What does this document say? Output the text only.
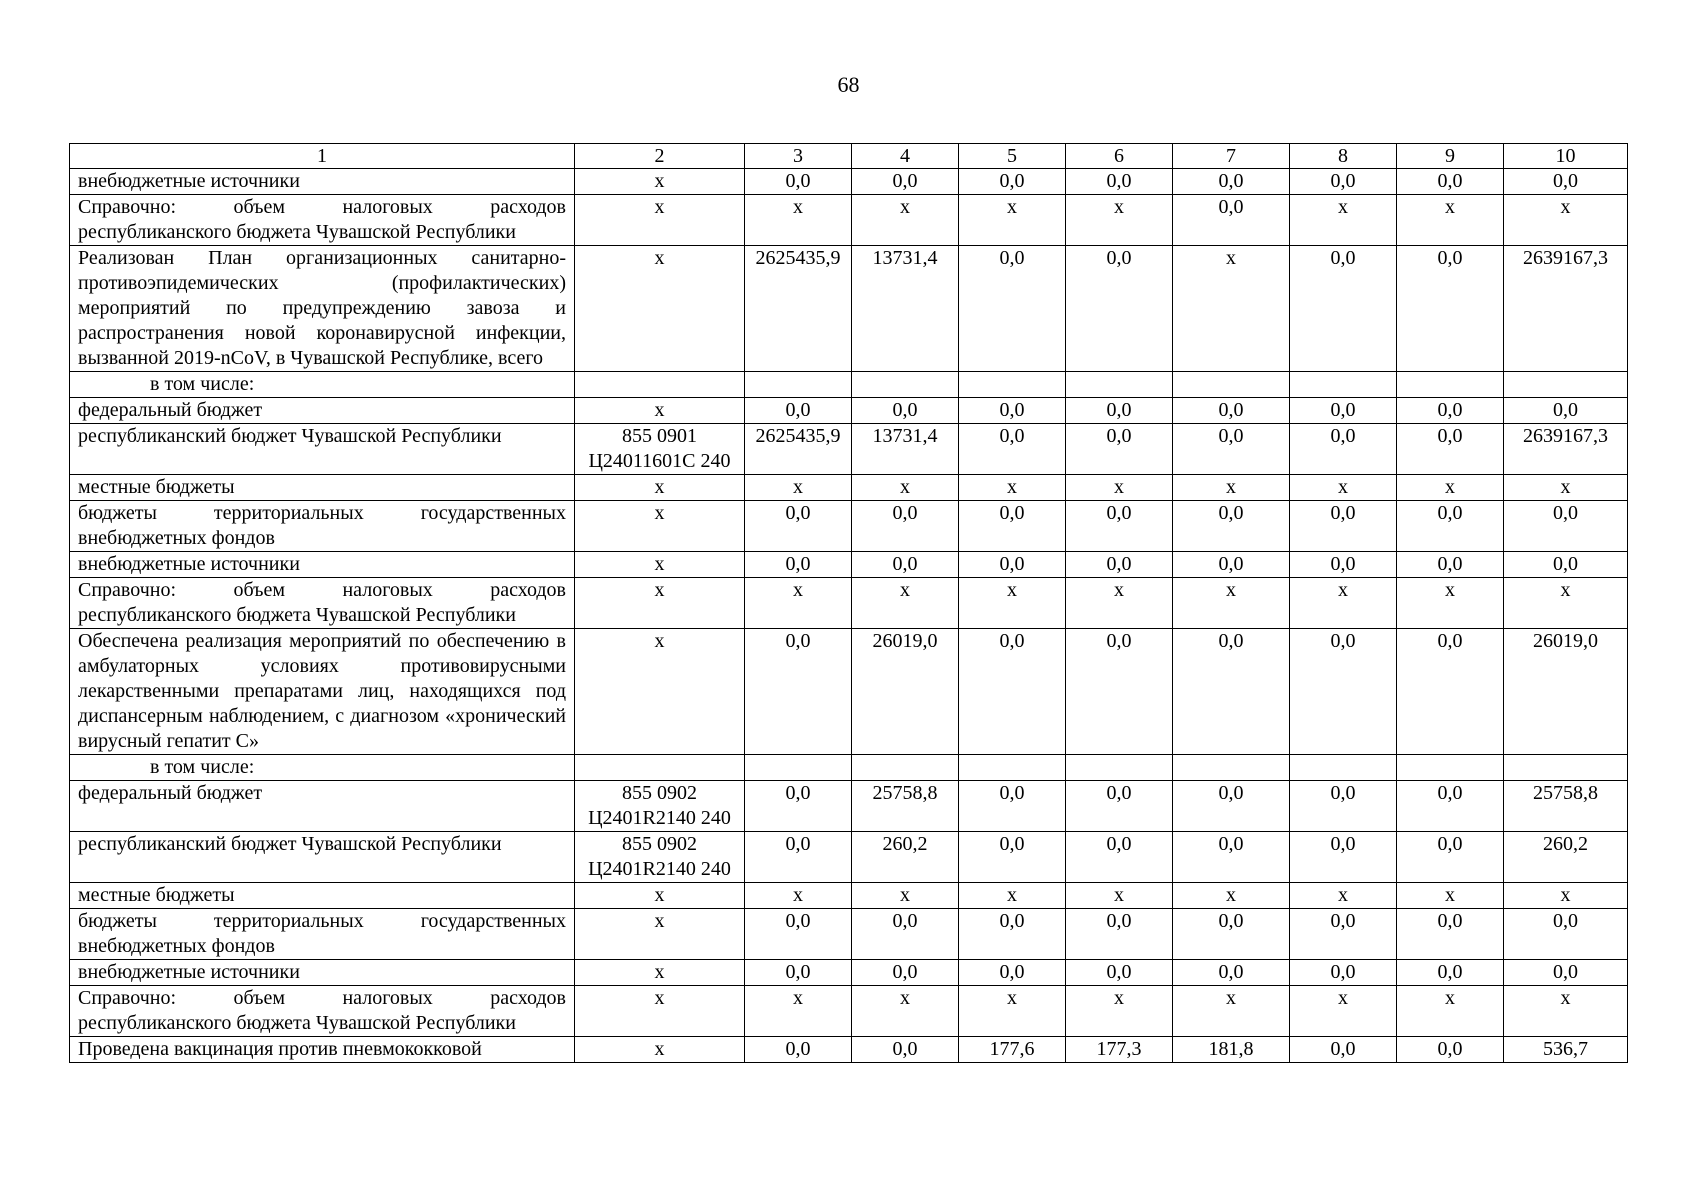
68
1	2	3	4	5	6	7	8	9	10
внебюджетные источники	х	0,0	0,0	0,0	0,0	0,0	0,0	0,0	0,0
Справочно: объем налоговых расходов республиканского бюджета Чувашской Республики	х	х	х	х	х	0,0	х	х	х
Реализован План организационных санитарно-противоэпидемических (профилактических) мероприятий по предупреждению завоза и распространения новой коронавирусной инфекции, вызванной 2019-nCoV, в Чувашской Республике, всего	х	2625435,9	13731,4	0,0	0,0	х	0,0	0,0	2639167,3
в том числе:									
федеральный бюджет	х	0,0	0,0	0,0	0,0	0,0	0,0	0,0	0,0
республиканский бюджет Чувашской Республики	855 0901 Ц24011601С 240	2625435,9	13731,4	0,0	0,0	0,0	0,0	0,0	2639167,3
местные бюджеты	х	х	х	х	х	х	х	х	х
бюджеты территориальных государственных внебюджетных фондов	х	0,0	0,0	0,0	0,0	0,0	0,0	0,0	0,0
внебюджетные источники	х	0,0	0,0	0,0	0,0	0,0	0,0	0,0	0,0
Справочно: объем налоговых расходов республиканского бюджета Чувашской Республики	х	х	х	х	х	х	х	х	х
Обеспечена реализация мероприятий по обеспечению в амбулаторных условиях противовирусными лекарственными препаратами лиц, находящихся под диспансерным наблюдением, с диагнозом «хронический вирусный гепатит С»	х	0,0	26019,0	0,0	0,0	0,0	0,0	0,0	26019,0
в том числе:									
федеральный бюджет	855 0902 Ц2401R2140 240	0,0	25758,8	0,0	0,0	0,0	0,0	0,0	25758,8
республиканский бюджет Чувашской Республики	855 0902 Ц2401R2140 240	0,0	260,2	0,0	0,0	0,0	0,0	0,0	260,2
местные бюджеты	х	х	х	х	х	х	х	х	х
бюджеты территориальных государственных внебюджетных фондов	х	0,0	0,0	0,0	0,0	0,0	0,0	0,0	0,0
внебюджетные источники	х	0,0	0,0	0,0	0,0	0,0	0,0	0,0	0,0
Справочно: объем налоговых расходов республиканского бюджета Чувашской Республики	х	х	х	х	х	х	х	х	х
Проведена вакцинация против пневмококковой	х	0,0	0,0	177,6	177,3	181,8	0,0	0,0	536,7
